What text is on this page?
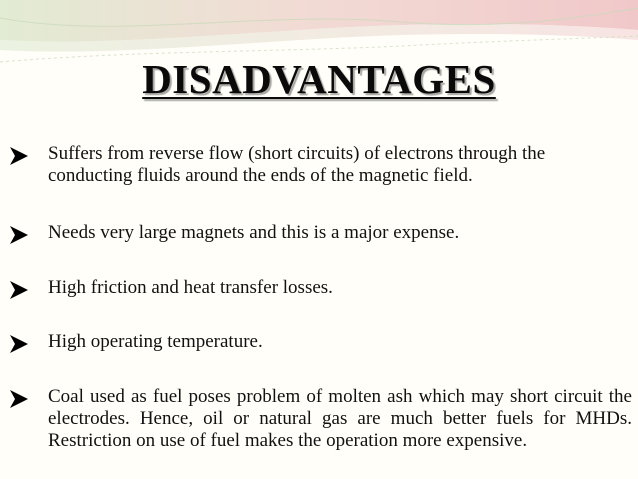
DISADVANTAGES
Suffers from reverse flow (short circuits) of electrons through the conducting fluids around the ends of the magnetic field.
Needs very large magnets and this is a major expense.
High friction and heat transfer losses.
High operating temperature.
Coal used as fuel poses problem of molten ash which may short circuit the electrodes. Hence, oil or natural gas are much better fuels for MHDs. Restriction on use of fuel makes the operation more expensive.
